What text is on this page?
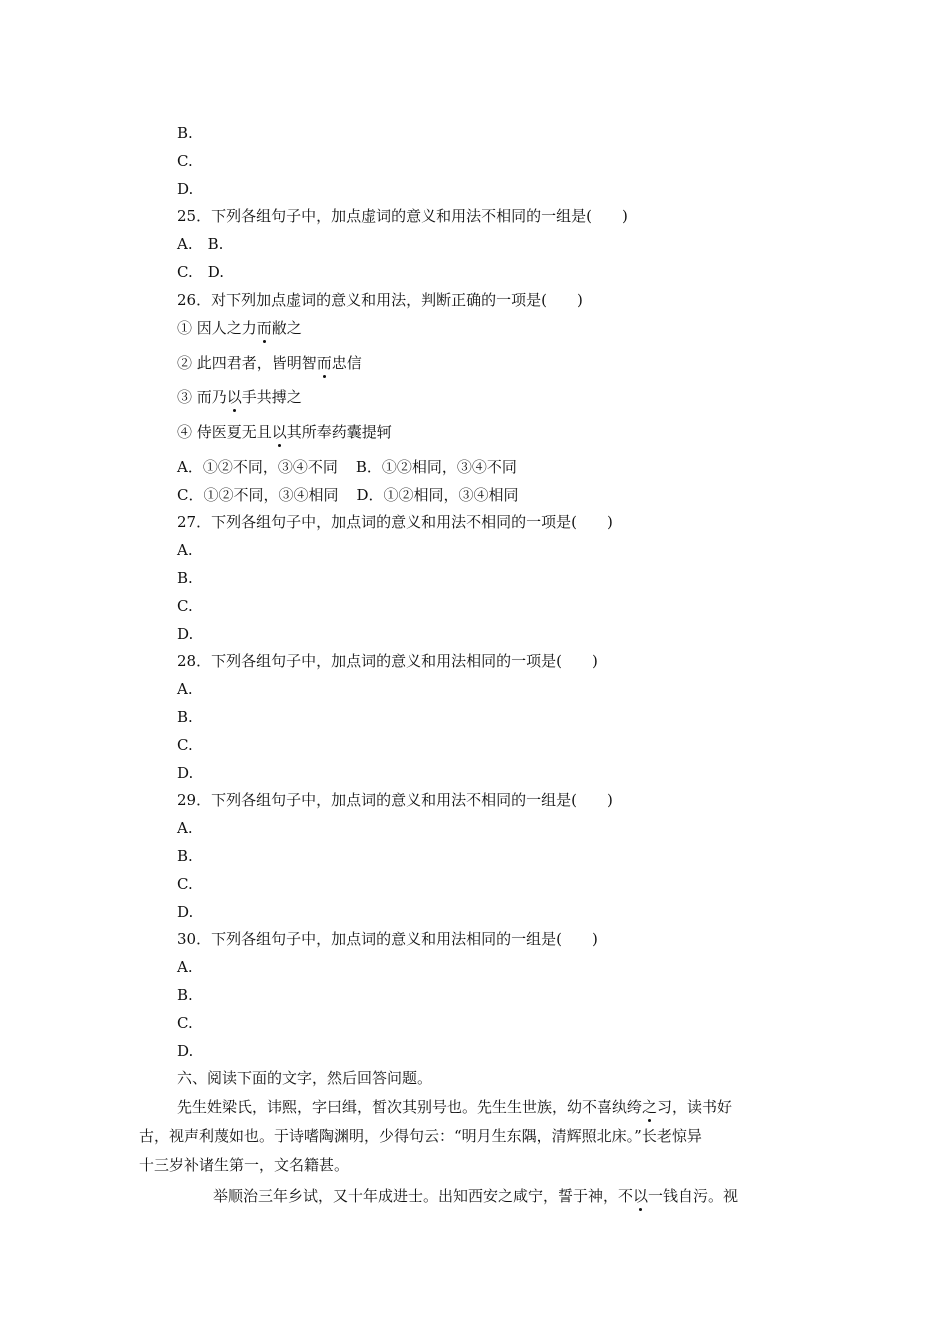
B.
C.
D.
25．下列各组句子中，加点虚词的意义和用法不相同的一组是(　　)
A.　B.
C.　D.
26．对下列加点虚词的意义和用法，判断正确的一项是(　　)
① 因人之力而敝之
② 此四君者，皆明智而忠信
③ 而乃以手共搏之
④ 侍医夏无且以其所奉药囊提轲
A．①②不同，③④不同 B．①②相同，③④不同
C．①②不同，③④相同 D．①②相同，③④相同
27．下列各组句子中，加点词的意义和用法不相同的一项是(　　)
A.
B.
C.
D.
28．下列各组句子中，加点词的意义和用法相同的一项是(　　)
A.
B.
C.
D.
29．下列各组句子中，加点词的意义和用法不相同的一组是(　　)
A.
B.
C.
D.
30．下列各组句子中，加点词的意义和用法相同的一组是(　　)
A.
B.
C.
D.
六、阅读下面的文字，然后回答问题。
先生姓梁氏，讳熙，字曰缉，皙次其别号也。先生生世族，幼不喜纨绔之习，读书好
古，视声利蔑如也。于诗嗜陶渊明，少得句云：“明月生东隅，清辉照北床。”长老惊异
十三岁补诸生第一，文名籍甚。
举顺治三年乡试，又十年成进士。出知西安之咸宁，誓于神，不以一钱自污。视
